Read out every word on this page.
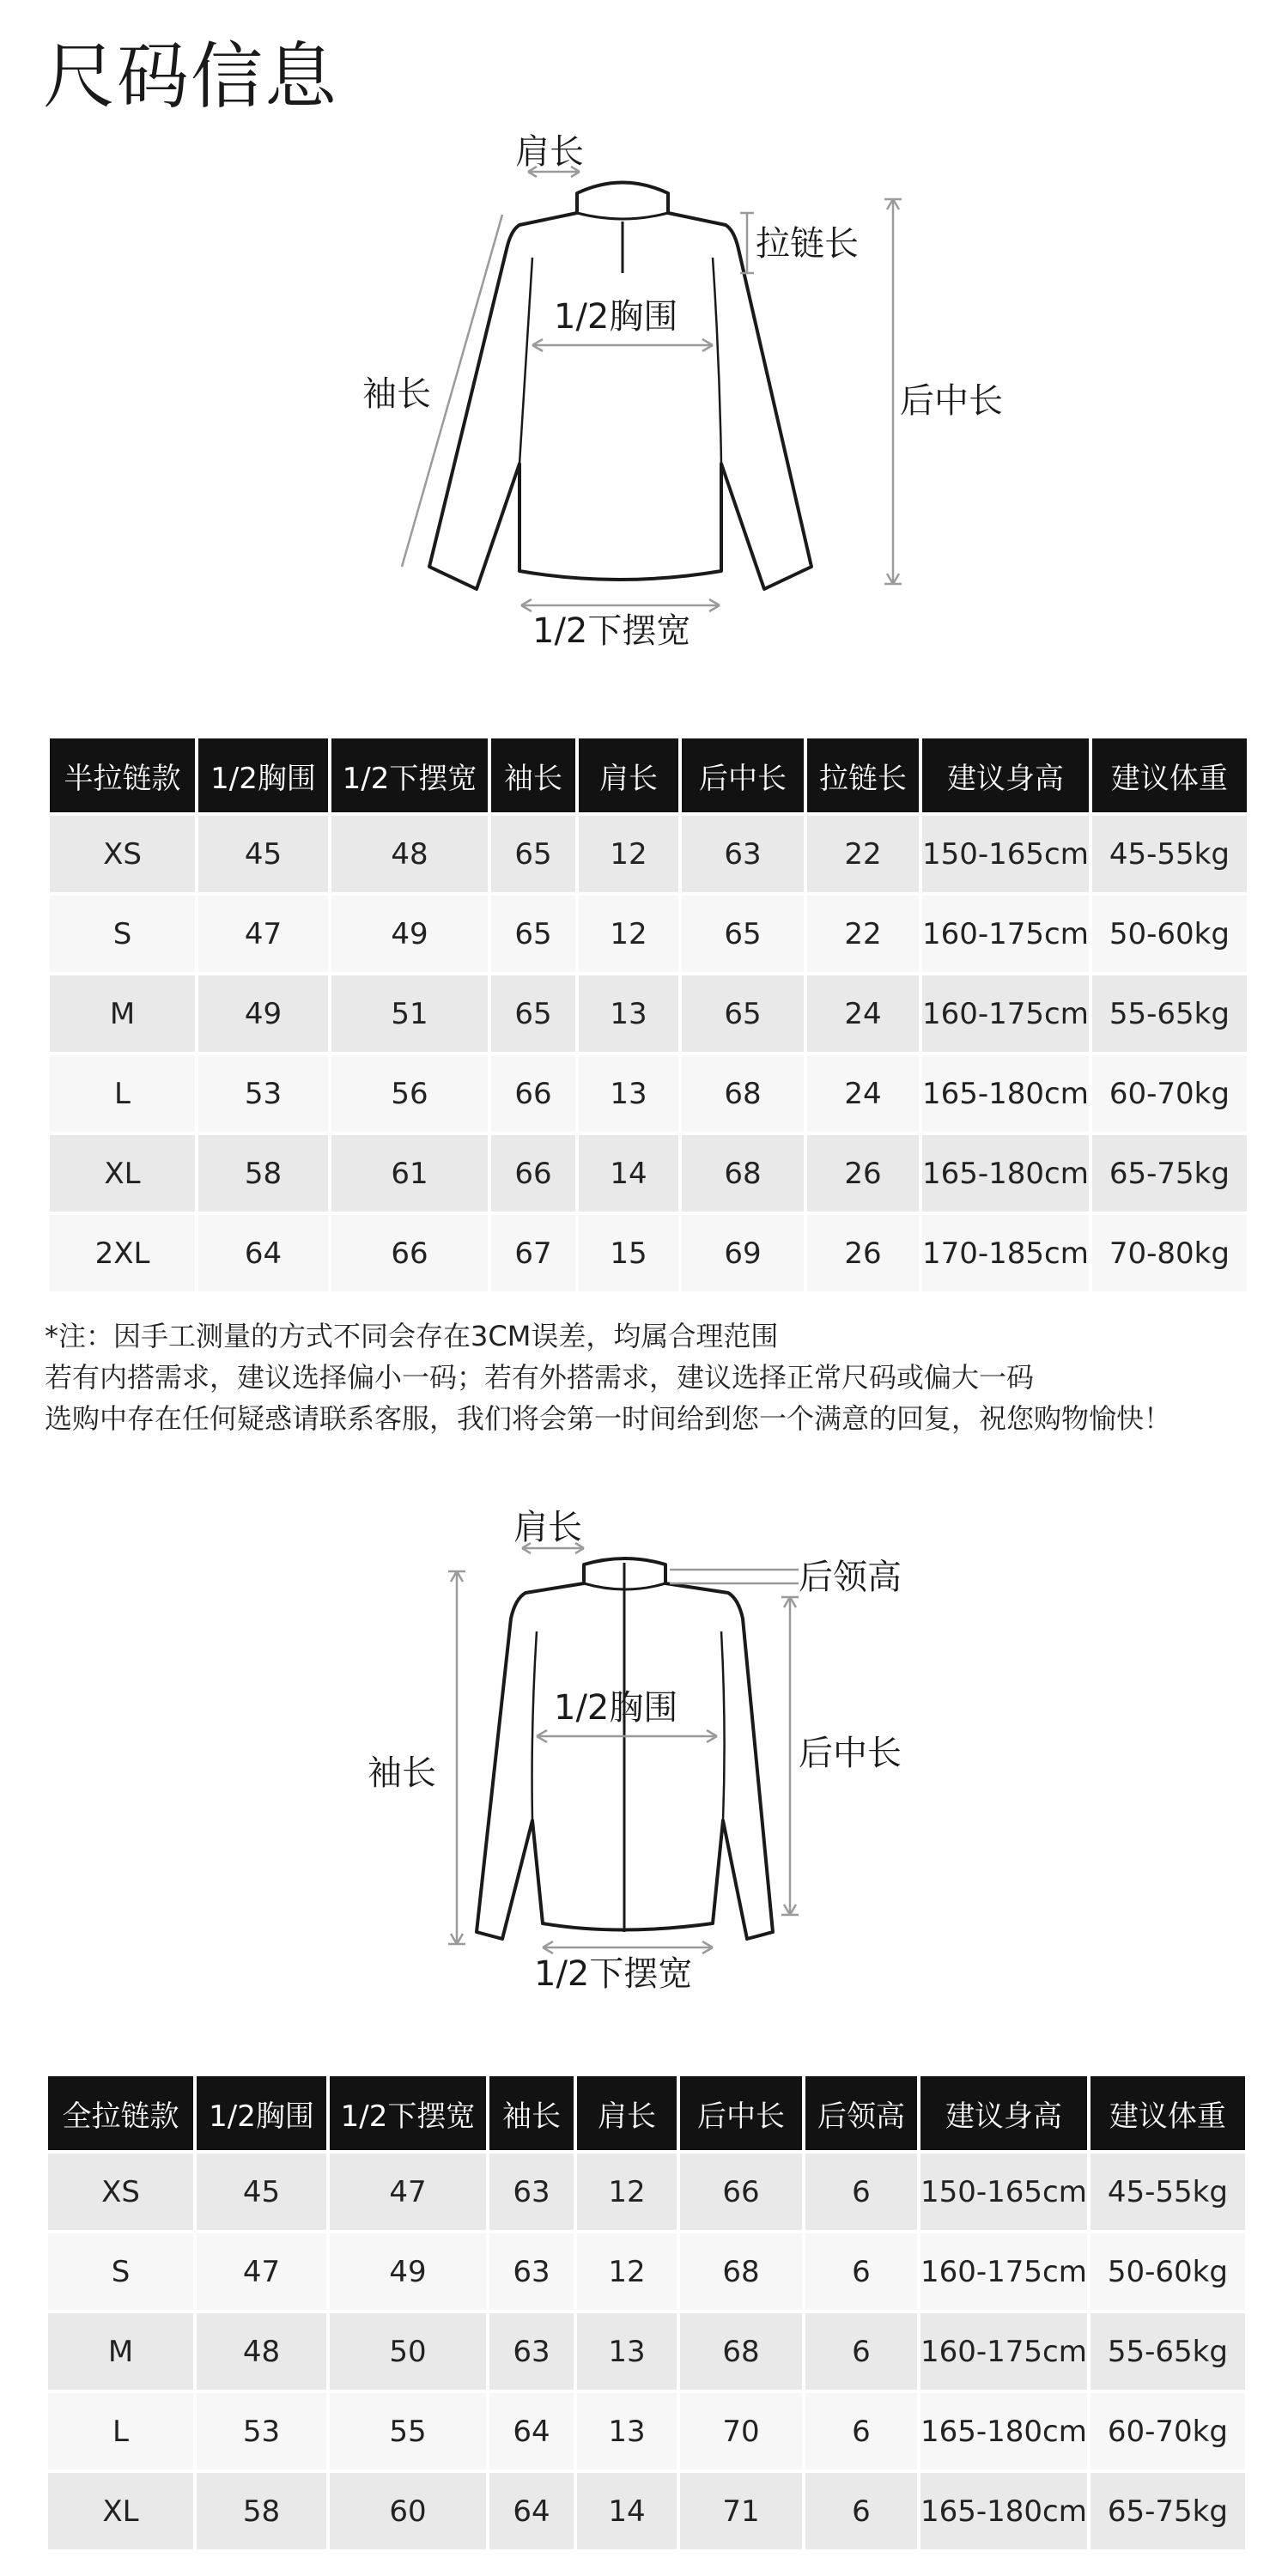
尺码信息
肩长
拉链长
1/2胸围
袖长	后中长
1/2下摆宽
半拉链款	1/2胸围	1/2下摆宽	袖长	肩长	后中长	拉链长	建议身高	建议体重
XS	45	48	65	12	63	22	150-165cm	45-55kg
S	47	49	65	12	65	22	160-175cm	50-60kg
M	49	51	65	13	65	24	160-175cm	55-65kg
L	53	56	66	13	68	24	165-180cm	60-70kg
XL	58	61	66	14	68	26	165-180cm	65-75kg
2XL	64	66	67	15	69	26	170-185cm	70-80kg
*注：因手工测量的方式不同会存在3CM误差，均属合理范围
若有内搭需求，建议选择偏小一码；若有外搭需求，建议选择正常尺码或偏大一码
选购中存在任何疑惑请联系客服，我们将会第一时间给到您一个满意的回复，祝您购物愉快！
肩长
后领高
1/2胸围
袖长	后中长
1/2下摆宽
全拉链款	1/2胸围	1/2下摆宽	袖长	肩长	后中长	后领高	建议身高	建议体重
XS	45	47	63	12	66	6	150-165cm	45-55kg
S	47	49	63	12	68	6	160-175cm	50-60kg
M	48	50	63	13	68	6	160-175cm	55-65kg
L	53	55	64	13	70	6	165-180cm	60-70kg
XL	58	60	64	14	71	6	165-180cm	65-75kg
